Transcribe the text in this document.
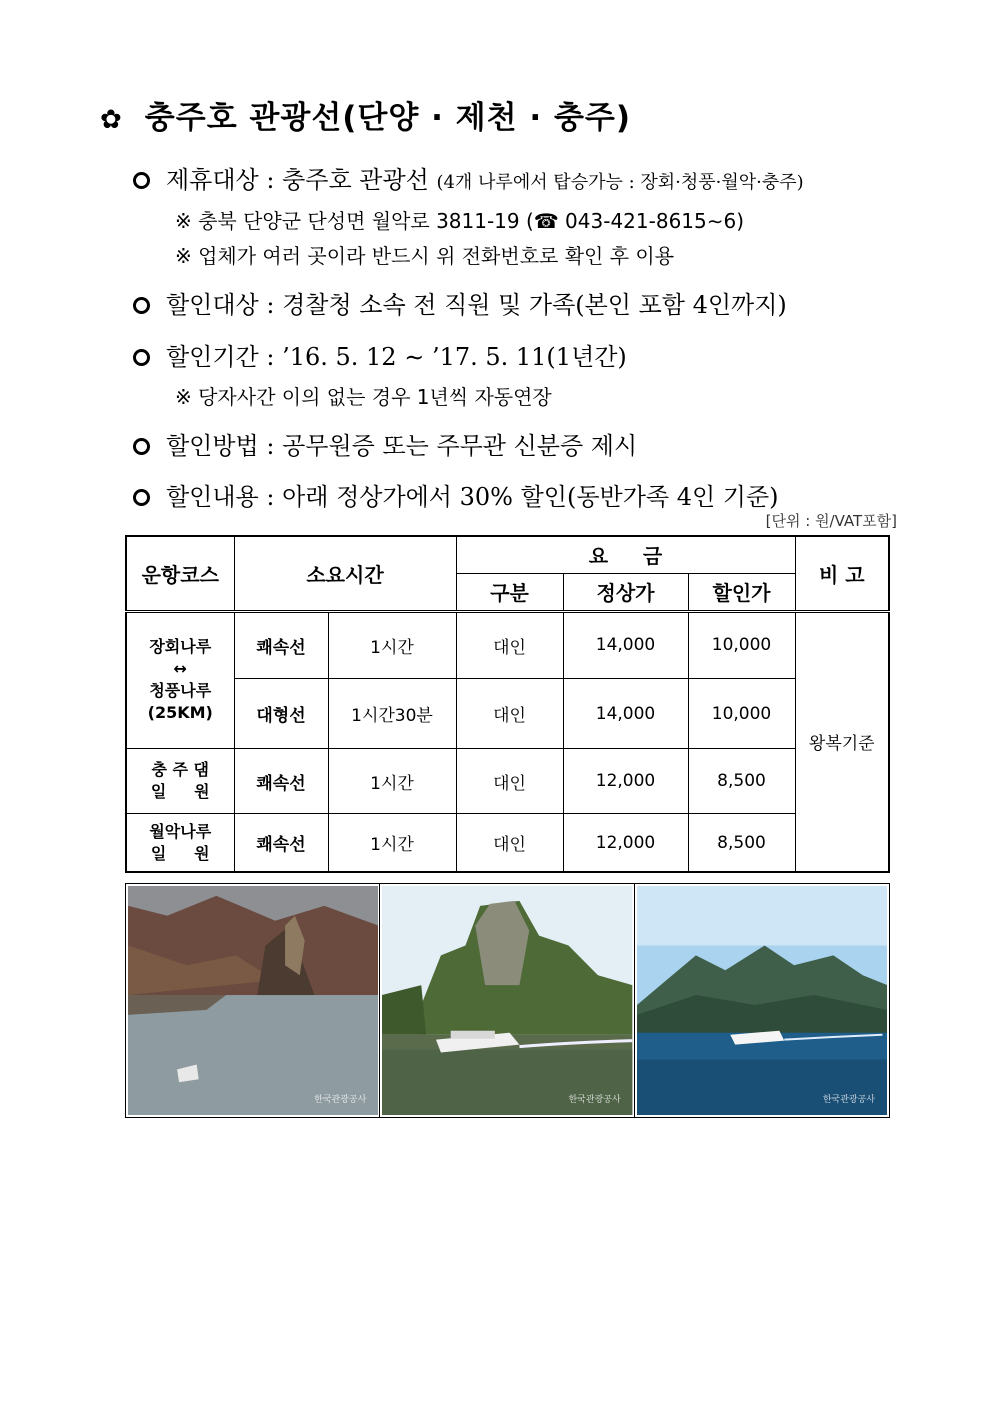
✿ 충주호 관광선(단양 · 제천 · 충주)
제휴대상 : 충주호 관광선 (4개 나루에서 탑승가능 : 장회·청풍·월악·충주)
※ 충북 단양군 단성면 월악로 3811-19 (☎ 043-421-8615∼6)
※ 업체가 여러 곳이라 반드시 위 전화번호로 확인 후 이용
할인대상 : 경찰청 소속 전 직원 및 가족(본인 포함 4인까지)
할인기간 : ’16. 5. 12 ∼ ’17. 5. 11(1년간)
※ 당자사간 이의 없는 경우 1년씩 자동연장
할인방법 : 공무원증 또는 주무관 신분증 제시
할인내용 : 아래 정상가에서 30% 할인(동반가족 4인 기준)
[단위 : 원/VAT포함]
운항코스	소요시간		요     금			비 고
			구분	정상가	할인가	

장회나루
↔
청풍나루
(25KM)	쾌속선	1시간	대인	14,000	10,000	왕복기준
	대형선	1시간30분	대인	14,000	10,000	

충 주 댐
일     원	쾌속선	1시간	대인	12,000	8,500	

월악나루
일     원	쾌속선	1시간	대인	12,000	8,500	
한국관광공사	한국관광공사	한국관광공사
